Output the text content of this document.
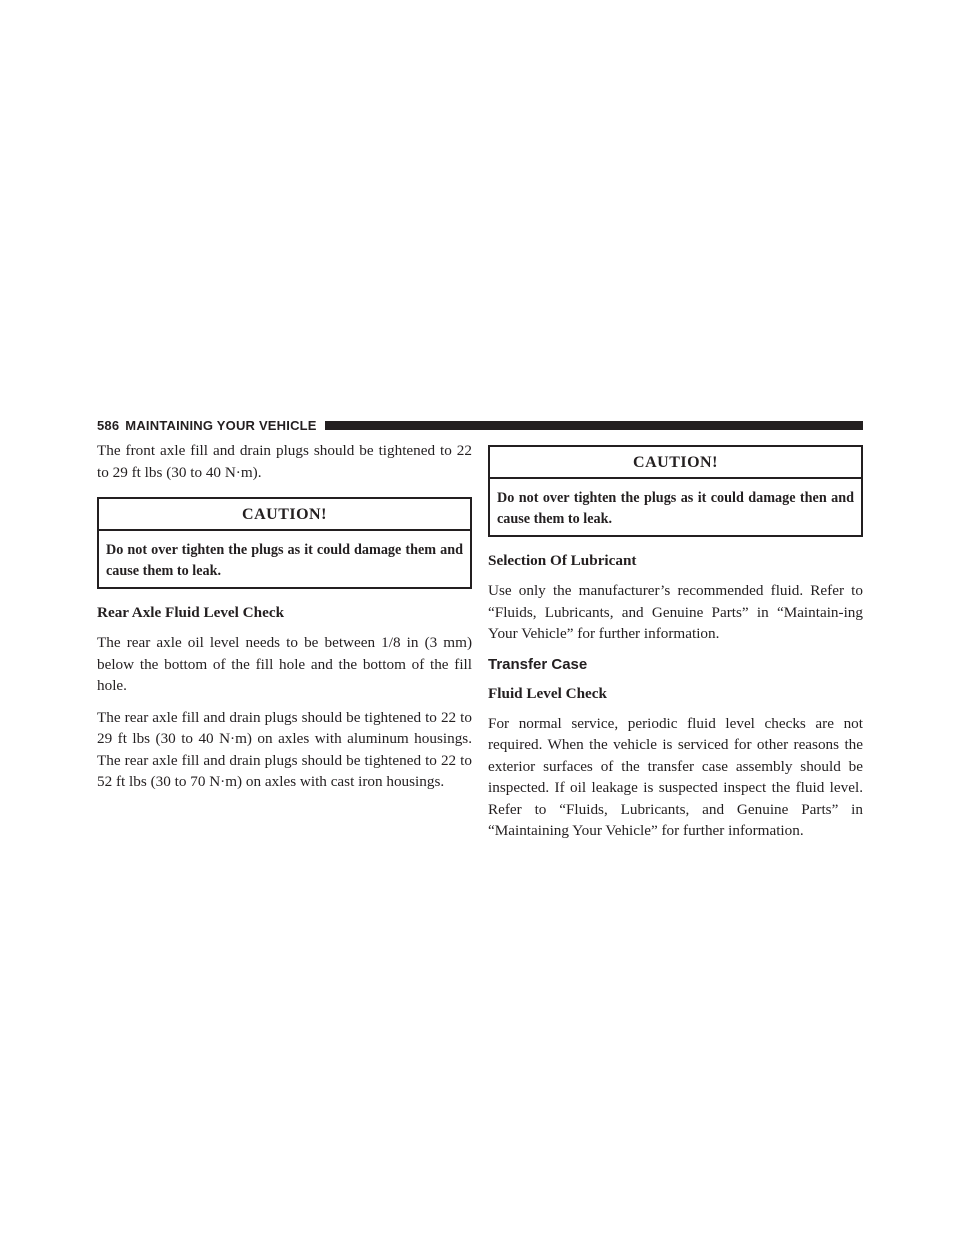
586 MAINTAINING YOUR VEHICLE

The front axle fill and drain plugs should be tightened to 22 to 29 ft lbs (30 to 40 N·m).

CAUTION!
Do not over tighten the plugs as it could damage them and cause them to leak.
Rear Axle Fluid Level Check

The rear axle oil level needs to be between 1/8 in (3 mm) below the bottom of the fill hole and the bottom of the fill hole.

The rear axle fill and drain plugs should be tightened to 22 to 29 ft lbs (30 to 40 N·m) on axles with aluminum housings. The rear axle fill and drain plugs should be tightened to 22 to 52 ft lbs (30 to 70 N·m) on axles with cast iron housings.

CAUTION!
Do not over tighten the plugs as it could damage then and cause them to leak.
Selection Of Lubricant

Use only the manufacturer’s recommended fluid. Refer to “Fluids, Lubricants, and Genuine Parts” in “Maintain-ing Your Vehicle” for further information.

Transfer Case
Fluid Level Check

For normal service, periodic fluid level checks are not required. When the vehicle is serviced for other reasons the exterior surfaces of the transfer case assembly should be inspected. If oil leakage is suspected inspect the fluid level. Refer to “Fluids, Lubricants, and Genuine Parts” in “Maintaining Your Vehicle” for further information.
